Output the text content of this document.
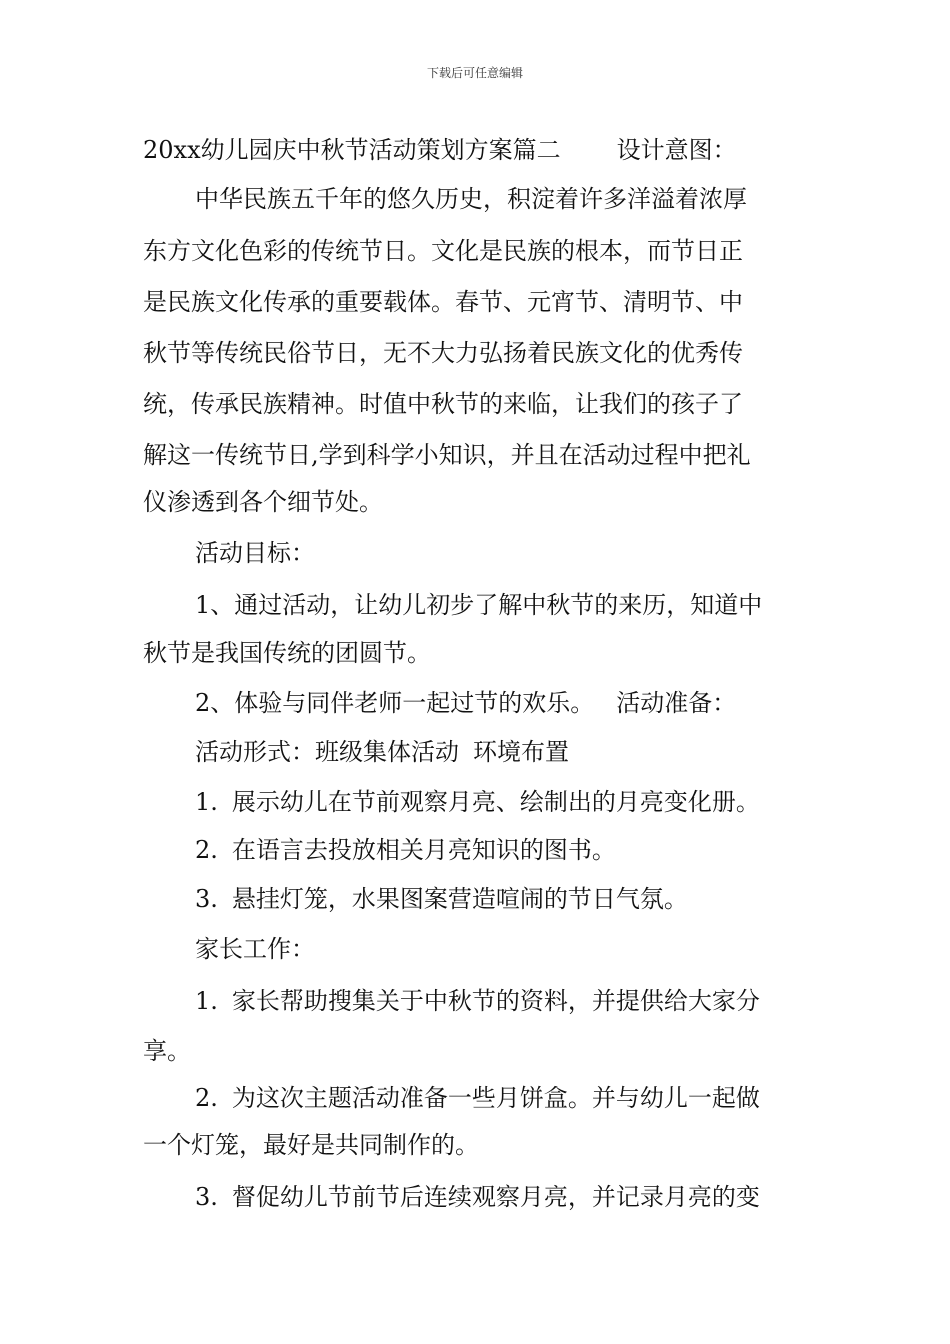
下载后可任意编辑
20xx幼儿园庆中秋节活动策划方案篇二 设计意图：
中华民族五千年的悠久历史，积淀着许多洋溢着浓厚
东方文化色彩的传统节日。文化是民族的根本，而节日正
是民族文化传承的重要载体。春节、元宵节、清明节、中
秋节等传统民俗节日，无不大力弘扬着民族文化的优秀传
统，传承民族精神。时值中秋节的来临，让我们的孩子了
解这一传统节日,学到科学小知识，并且在活动过程中把礼
仪渗透到各个细节处。
活动目标：
1、通过活动，让幼儿初步了解中秋节的来历，知道中
秋节是我国传统的团圆节。
2、体验与同伴老师一起过节的欢乐。 活动准备：
活动形式：班级集体活动 环境布置
1. 展示幼儿在节前观察月亮、绘制出的月亮变化册。
2. 在语言去投放相关月亮知识的图书。
3. 悬挂灯笼，水果图案营造喧闹的节日气氛。
家长工作：
1. 家长帮助搜集关于中秋节的资料，并提供给大家分
享。
2. 为这次主题活动准备一些月饼盒。并与幼儿一起做
一个灯笼，最好是共同制作的。
3. 督促幼儿节前节后连续观察月亮，并记录月亮的变
